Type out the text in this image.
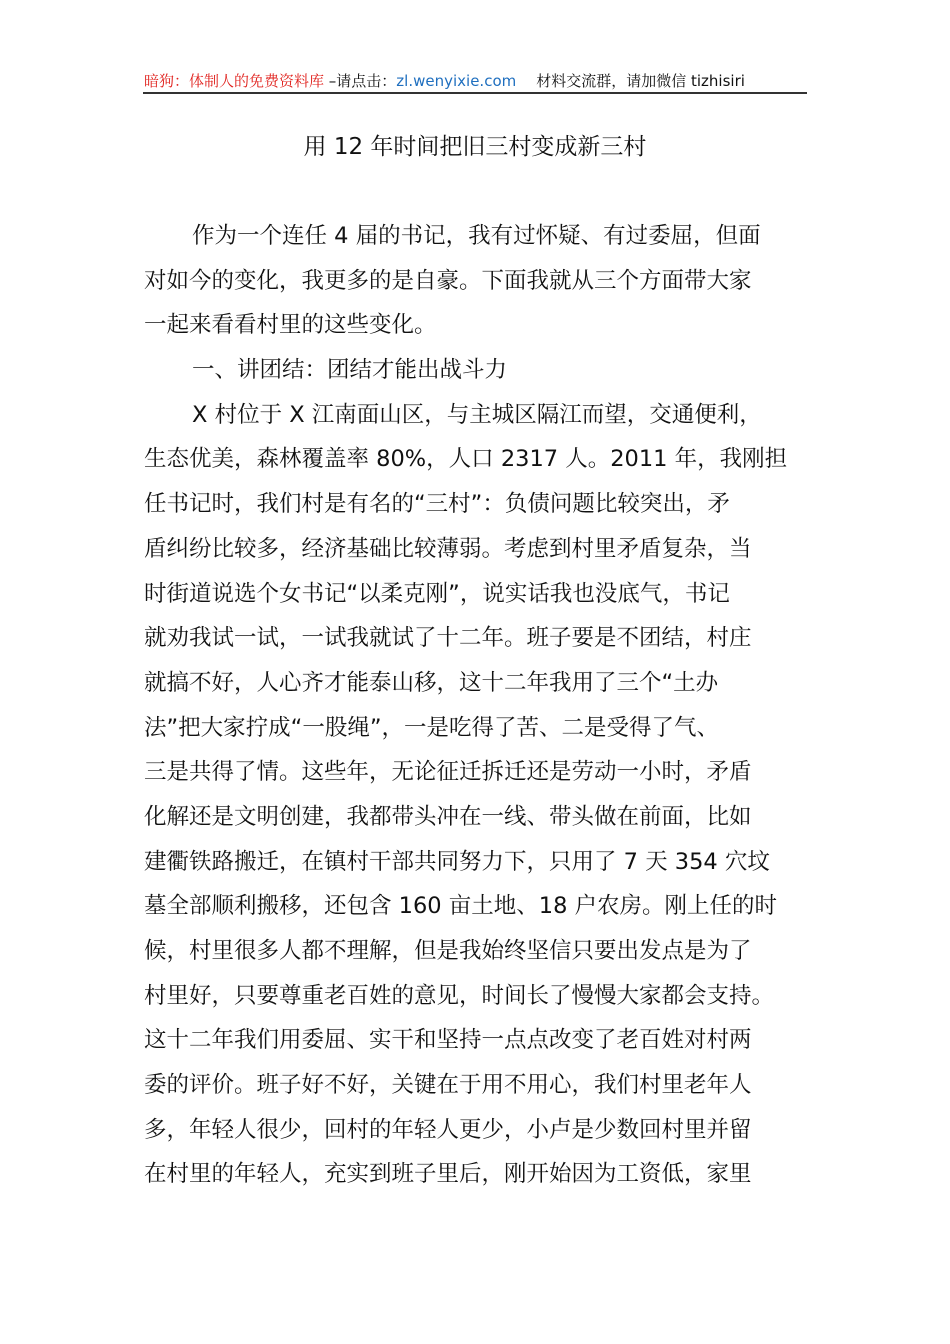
暗狗：体制人的免费资料库 –请点击：zl.wenyixie.com 材料交流群，请加微信 tizhisiri
用 12 年时间把旧三村变成新三村
作为一个连任 4 届的书记，我有过怀疑、有过委屈，但面
对如今的变化，我更多的是自豪。下面我就从三个方面带大家
一起来看看村里的这些变化。
一、讲团结：团结才能出战斗力
X 村位于 X 江南面山区，与主城区隔江而望，交通便利，
生态优美，森林覆盖率 80%，人口 2317 人。2011 年，我刚担
任书记时，我们村是有名的“三村”：负债问题比较突出，矛
盾纠纷比较多，经济基础比较薄弱。考虑到村里矛盾复杂，当
时街道说选个女书记“以柔克刚”，说实话我也没底气，书记
就劝我试一试，一试我就试了十二年。班子要是不团结，村庄
就搞不好，人心齐才能泰山移，这十二年我用了三个“土办
法”把大家拧成“一股绳”，一是吃得了苦、二是受得了气、
三是共得了情。这些年，无论征迁拆迁还是劳动一小时，矛盾
化解还是文明创建，我都带头冲在一线、带头做在前面，比如
建衢铁路搬迁，在镇村干部共同努力下，只用了 7 天 354 穴坟
墓全部顺利搬移，还包含 160 亩土地、18 户农房。刚上任的时
候，村里很多人都不理解，但是我始终坚信只要出发点是为了
村里好，只要尊重老百姓的意见，时间长了慢慢大家都会支持。
这十二年我们用委屈、实干和坚持一点点改变了老百姓对村两
委的评价。班子好不好，关键在于用不用心，我们村里老年人
多，年轻人很少，回村的年轻人更少，小卢是少数回村里并留
在村里的年轻人，充实到班子里后，刚开始因为工资低，家里
